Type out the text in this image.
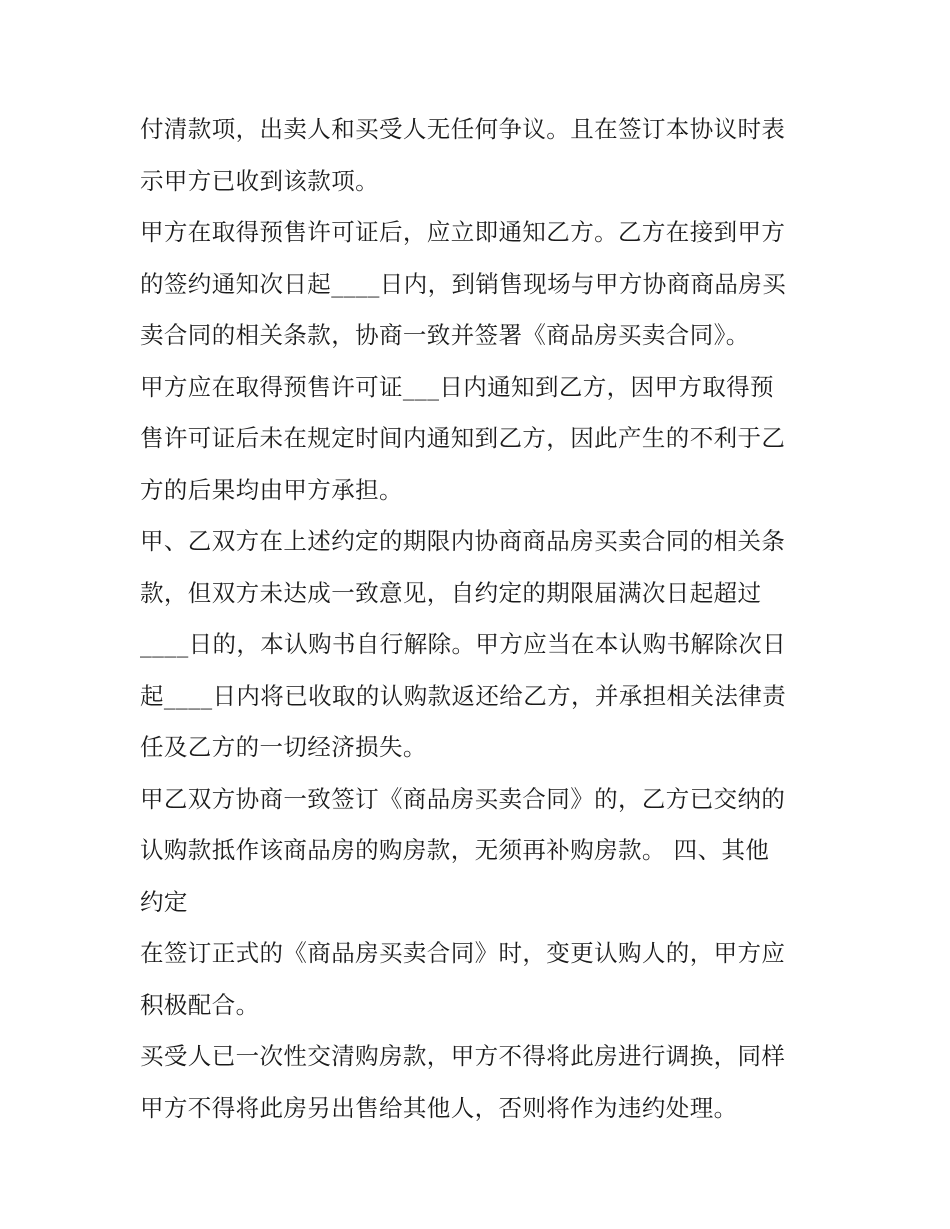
付清款项，出卖人和买受人无任何争议。且在签订本协议时表
示甲方已收到该款项。
甲方在取得预售许可证后，应立即通知乙方。乙方在接到甲方
的签约通知次日起____日内，到销售现场与甲方协商商品房买
卖合同的相关条款，协商一致并签署《商品房买卖合同》。
甲方应在取得预售许可证___日内通知到乙方，因甲方取得预
售许可证后未在规定时间内通知到乙方，因此产生的不利于乙
方的后果均由甲方承担。
甲、乙双方在上述约定的期限内协商商品房买卖合同的相关条
款，但双方未达成一致意见，自约定的期限届满次日起超过
____日的，本认购书自行解除。甲方应当在本认购书解除次日
起____日内将已收取的认购款返还给乙方，并承担相关法律责
任及乙方的一切经济损失。
甲乙双方协商一致签订《商品房买卖合同》的，乙方已交纳的
认购款抵作该商品房的购房款，无须再补购房款。 四、其他
约定
在签订正式的《商品房买卖合同》时，变更认购人的，甲方应
积极配合。
买受人已一次性交清购房款，甲方不得将此房进行调换，同样
甲方不得将此房另出售给其他人，否则将作为违约处理。
